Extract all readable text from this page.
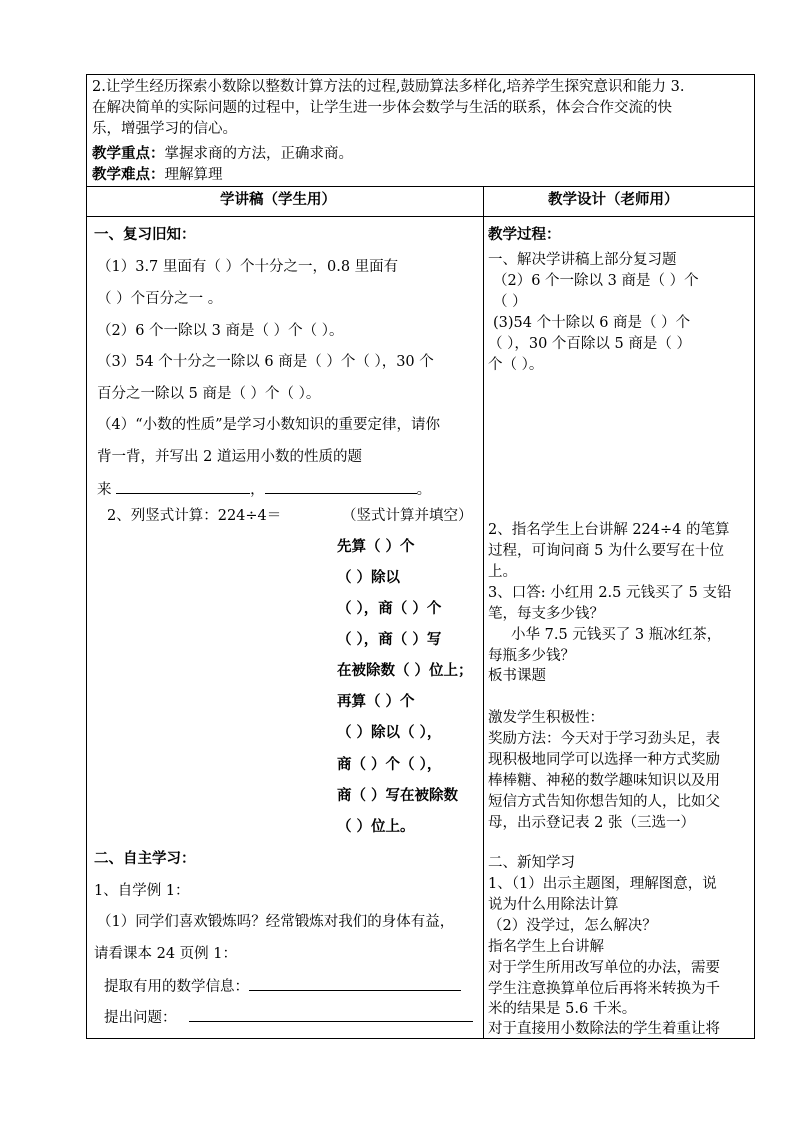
2.让学生经历探索小数除以整数计算方法的过程,鼓励算法多样化,培养学生探究意识和能力 3.
在解决简单的实际问题的过程中，让学生进一步体会数学与生活的联系，体会合作交流的快
乐，增强学习的信心。
教学重点：掌握求商的方法，正确求商。
教学难点：理解算理
学讲稿（学生用）	教学设计（老师用）
一、复习旧知：
（1）3.7 里面有（ ）个十分之一，0.8 里面有
（ ）个百分之一 。
（2）6 个一除以 3 商是（ ）个（ ）。
（3）54 个十分之一除以 6 商是（ ）个（ ），30 个
百分之一除以 5 商是（ ）个（ ）。
（4）“小数的性质”是学习小数知识的重要定律，请你
背一背，并写出 2 道运用小数的性质的题
来	，	。
2、列竖式计算：224÷4＝	（竖式计算并填空）
先算（ ）个
（ ）除以
（ ），商（ ）个
（ ），商（ ）写
在被除数（ ）位上；
再算（ ）个
（ ）除以（ ），
商（ ）个（ ），
商（ ）写在被除数
（ ）位上。
二、自主学习：
1、自学例 1：
（1）同学们喜欢锻炼吗？经常锻炼对我们的身体有益，
请看课本 24 页例 1：
提取有用的数学信息：
提出问题：
教学过程：
一、解决学讲稿上部分复习题
（2）6 个一除以 3 商是（ ）个
（ ）
(3)54 个十除以 6 商是（ ）个
（ ），30 个百除以 5 商是（ ）
个（ ）。
2、指名学生上台讲解 224÷4 的笔算
过程，可询问商 5 为什么要写在十位
上。
3、口答: 小红用 2.5 元钱买了 5 支铅
笔，每支多少钱？
小华 7.5 元钱买了 3 瓶冰红茶，
每瓶多少钱？
板书课题
激发学生积极性：
奖励方法：今天对于学习劲头足，表
现积极地同学可以选择一种方式奖励
棒棒糖、神秘的数学趣味知识以及用
短信方式告知你想告知的人，比如父
母，出示登记表 2 张（三选一）
二、新知学习
1、（1）出示主题图，理解图意，说
说为什么用除法计算
（2）没学过，怎么解决？
指名学生上台讲解
对于学生所用改写单位的办法，需要
学生注意换算单位后再将米转换为千
米的结果是 5.6 千米。
对于直接用小数除法的学生着重让将
